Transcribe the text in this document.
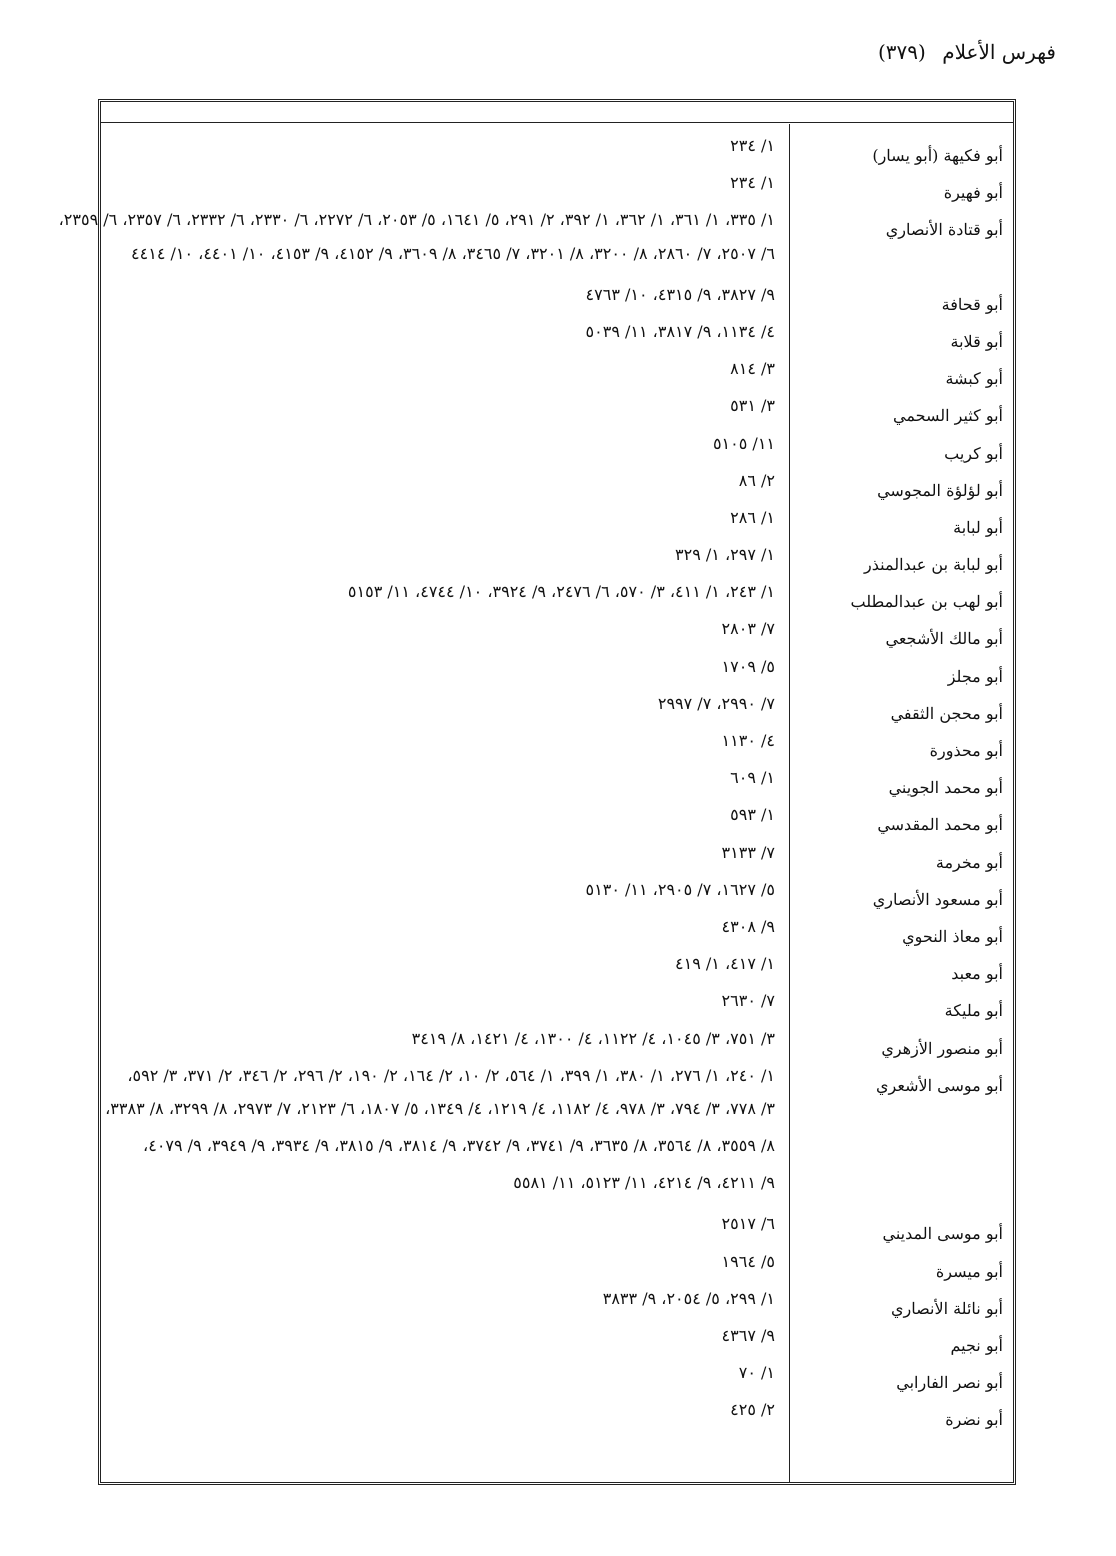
فهرس الأعلام (٣٧٩)
أبو فكيهة (أبو يسار)
١/ ٢٣٤
أبو فهيرة
١/ ٢٣٤
أبو قتادة الأنصاري
١/ ٣٣٥، ١/ ٣٦١، ١/ ٣٦٢، ١/ ٣٩٢، ٢/ ٢٩١، ٥/ ١٦٤١، ٥/ ٢٠٥٣، ٦/ ٢٢٧٢، ٦/ ٢٣٣٠، ٦/ ٢٣٣٢، ٦/ ٢٣٥٧، ٦/ ٢٣٥٩،
٦/ ٢٥٠٧، ٧/ ٢٨٦٠، ٨/ ٣٢٠٠، ٨/ ٣٢٠١، ٧/ ٣٤٦٥، ٨/ ٣٦٠٩، ٩/ ٤١٥٢، ٩/ ٤١٥٣، ١٠/ ٤٤٠١، ١٠/ ٤٤١٤
أبو قحافة
٩/ ٣٨٢٧، ٩/ ٤٣١٥، ١٠/ ٤٧٦٣
أبو قلابة
٤/ ١١٣٤، ٩/ ٣٨١٧، ١١/ ٥٠٣٩
أبو كبشة
٣/ ٨١٤
أبو كثير السحمي
٣/ ٥٣١
أبو كريب
١١/ ٥١٠٥
أبو لؤلؤة المجوسي
٢/ ٨٦
أبو لبابة
١/ ٢٨٦
أبو لبابة بن عبدالمنذر
١/ ٢٩٧، ١/ ٣٢٩
أبو لهب بن عبدالمطلب
١/ ٢٤٣، ١/ ٤١١، ٣/ ٥٧٠، ٦/ ٢٤٧٦، ٩/ ٣٩٢٤، ١٠/ ٤٧٤٤، ١١/ ٥١٥٣
أبو مالك الأشجعي
٧/ ٢٨٠٣
أبو مجلز
٥/ ١٧٠٩
أبو محجن الثقفي
٧/ ٢٩٩٠، ٧/ ٢٩٩٧
أبو محذورة
٤/ ١١٣٠
أبو محمد الجويني
١/ ٦٠٩
أبو محمد المقدسي
١/ ٥٩٣
أبو مخرمة
٧/ ٣١٣٣
أبو مسعود الأنصاري
٥/ ١٦٢٧، ٧/ ٢٩٠٥، ١١/ ٥١٣٠
أبو معاذ النحوي
٩/ ٤٣٠٨
أبو معبد
١/ ٤١٧، ١/ ٤١٩
أبو مليكة
٧/ ٢٦٣٠
أبو منصور الأزهري
٣/ ٧٥١، ٣/ ١٠٤٥، ٤/ ١١٢٢، ٤/ ١٣٠٠، ٤/ ١٤٢١، ٨/ ٣٤١٩
أبو موسى الأشعري
١/ ٢٤٠، ١/ ٢٧٦، ١/ ٣٨٠، ١/ ٣٩٩، ١/ ٥٦٤، ٢/ ١٠، ٢/ ١٦٤، ٢/ ١٩٠، ٢/ ٢٩٦، ٢/ ٣٤٦، ٢/ ٣٧١، ٣/ ٥٩٢،
٣/ ٧٧٨، ٣/ ٧٩٤، ٣/ ٩٧٨، ٤/ ١١٨٢، ٤/ ١٢١٩، ٤/ ١٣٤٩، ٥/ ١٨٠٧، ٦/ ٢١٢٣، ٧/ ٢٩٧٣، ٨/ ٣٢٩٩، ٨/ ٣٣٨٣،
٨/ ٣٥٥٩، ٨/ ٣٥٦٤، ٨/ ٣٦٣٥، ٩/ ٣٧٤١، ٩/ ٣٧٤٢، ٩/ ٣٨١٤، ٩/ ٣٨١٥، ٩/ ٣٩٣٤، ٩/ ٣٩٤٩، ٩/ ٤٠٧٩،
٩/ ٤٢١١، ٩/ ٤٢١٤، ١١/ ٥١٢٣، ١١/ ٥٥٨١
أبو موسى المديني
٦/ ٢٥١٧
أبو ميسرة
٥/ ١٩٦٤
أبو نائلة الأنصاري
١/ ٢٩٩، ٥/ ٢٠٥٤، ٩/ ٣٨٣٣
أبو نجيم
٩/ ٤٣٦٧
أبو نصر الفارابي
١/ ٧٠
أبو نضرة
٢/ ٤٢٥
